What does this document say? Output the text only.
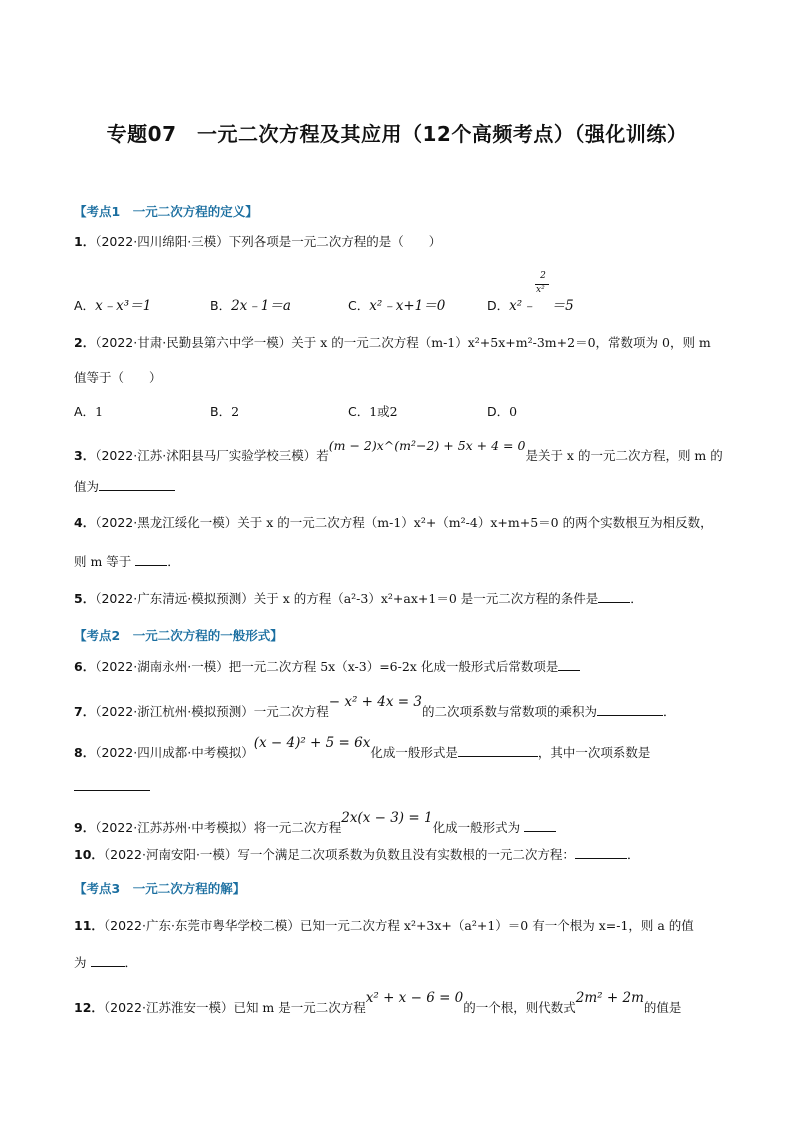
专题07　一元二次方程及其应用（12个高频考点）（强化训练）
【考点1　一元二次方程的定义】
1．（2022·四川绵阳·三模）下列各项是一元二次方程的是（　　）
A．x﹣x³＝1	B．2x﹣1＝a	C．x²﹣x+1＝0	D．x²﹣ ＝5
2
x²
2．（2022·甘肃·民勤县第六中学一模）关于 x 的一元二次方程（m-1）x²+5x+m²-3m+2＝0，常数项为 0，则 m
值等于（　　）
A．1	B．2	C．1或2	D．0
3．（2022·江苏·沭阳县马厂实验学校三模）若(m − 2)x^(m²−2) + 5x + 4 = 0是关于 x 的一元二次方程，则 m 的
值为
4．（2022·黑龙江绥化一模）关于 x 的一元二次方程（m-1）x²+（m²-4）x+m+5＝0 的两个实数根互为相反数，
则 m 等于	．
5．（2022·广东清远·模拟预测）关于 x 的方程（a²-3）x²+ax+1＝0 是一元二次方程的条件是	．
【考点2　一元二次方程的一般形式】
6．（2022·湖南永州·一模）把一元二次方程 5x（x-3）=6-2x 化成一般形式后常数项是
7．（2022·浙江杭州·模拟预测）一元二次方程− x² + 4x = 3的二次项系数与常数项的乘积为	．
8．（2022·四川成都·中考模拟）(x − 4)² + 5 = 6x化成一般形式是	，其中一次项系数是
9．（2022·江苏苏州·中考模拟）将一元二次方程2x(x − 3) = 1化成一般形式为
10．（2022·河南安阳·一模）写一个满足二次项系数为负数且没有实数根的一元二次方程：	．
【考点3　一元二次方程的解】
11．（2022·广东·东莞市粤华学校二模）已知一元二次方程 x²+3x+（a²+1）＝0 有一个根为 x=-1，则 a 的值
为	．
12．（2022·江苏淮安一模）已知 m 是一元二次方程x² + x − 6 = 0的一个根，则代数式2m² + 2m的值是
